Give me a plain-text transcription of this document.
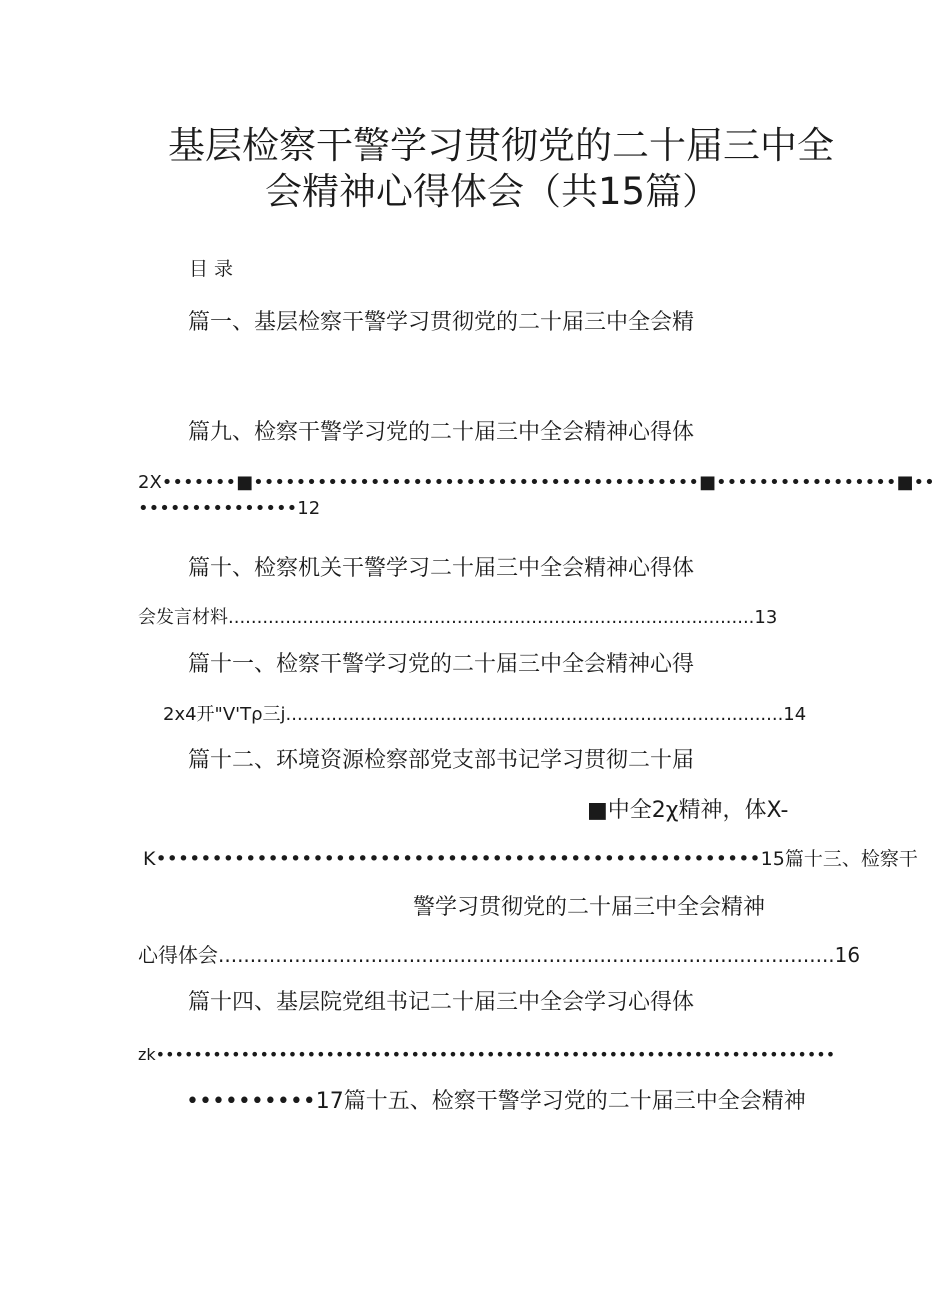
基层检察干警学习贯彻党的二十届三中全
会精神心得体会（共15篇）
目录
篇一、基层检察干警学习贯彻党的二十届三中全会精
篇九、检察干警学习党的二十届三中全会精神心得体
2X•••••••■••••••••••••••••••••••••••••••••••••••••••■•••••••••••••••••■••
•••••••••••••••12
篇十、检察机关干警学习二十届三中全会精神心得体
会发言材料............................................................................................13
篇十一、检察干警学习党的二十届三中全会精神心得
2x4开"V'Tρ三j.......................................................................................14
篇十二、环境资源检察部党支部书记学习贯彻二十届
■中全2χ精神，体X-
K••••••••••••••••••••••••••••••••••••••••••••••••••••••15篇十三、检察干
警学习贯彻党的二十届三中全会精神
心得体会.................................................................................................16
篇十四、基层院党组书记二十届三中全会学习心得体
zk••••••••••••••••••••••••••••••••••••••••••••••••••••••••••••••••••••••••
••••••••••17篇十五、检察干警学习党的二十届三中全会精神
